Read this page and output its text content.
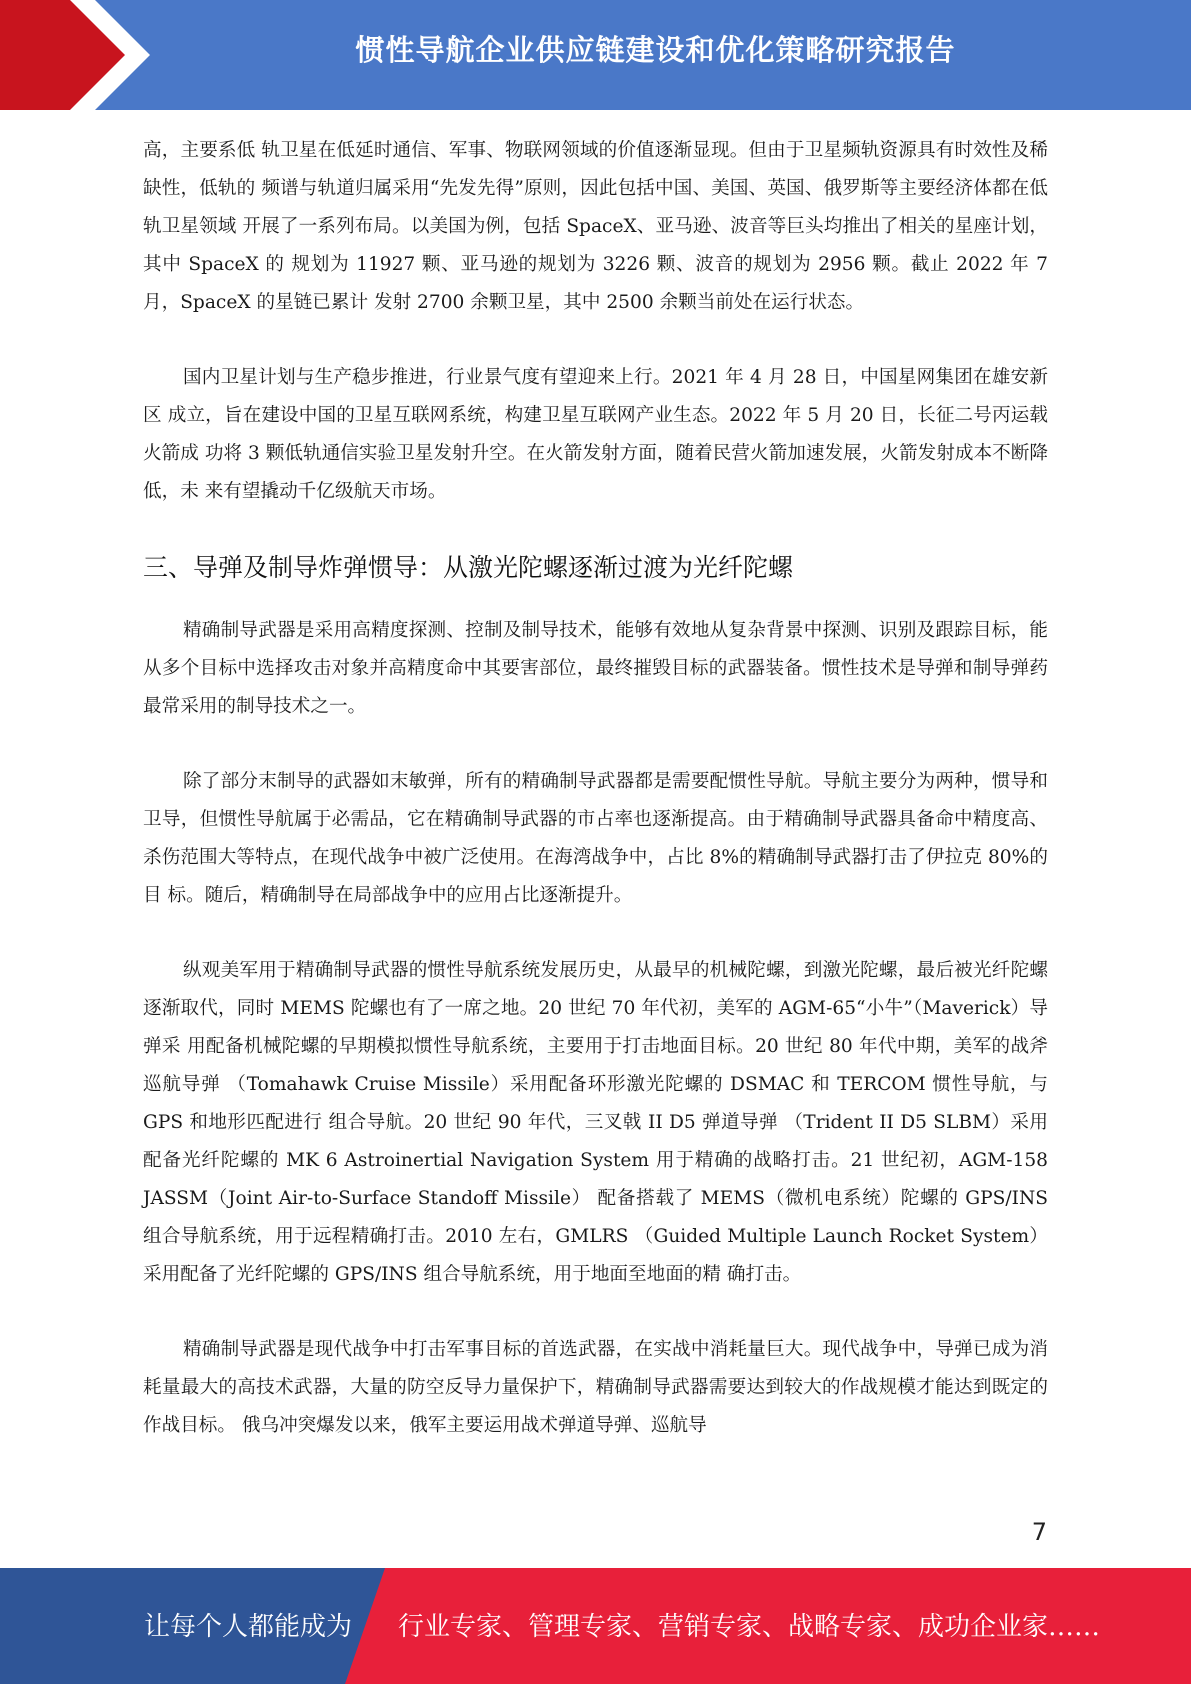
惯性导航企业供应链建设和优化策略研究报告

高，主要系低 轨卫星在低延时通信、军事、物联网领域的价值逐渐显现。但由于卫星频轨资源具有时效性及稀缺性，低轨的 频谱与轨道归属采用“先发先得”原则，因此包括中国、美国、英国、俄罗斯等主要经济体都在低轨卫星领域 开展了一系列布局。以美国为例，包括 SpaceX、亚马逊、波音等巨头均推出了相关的星座计划，其中 SpaceX 的 规划为 11927 颗、亚马逊的规划为 3226 颗、波音的规划为 2956 颗。截止 2022 年 7 月，SpaceX 的星链已累计 发射 2700 余颗卫星，其中 2500 余颗当前处在运行状态。

国内卫星计划与生产稳步推进，行业景气度有望迎来上行。2021 年 4 月 28 日，中国星网集团在雄安新区 成立，旨在建设中国的卫星互联网系统，构建卫星互联网产业生态。2022 年 5 月 20 日，长征二号丙运载火箭成 功将 3 颗低轨通信实验卫星发射升空。在火箭发射方面，随着民营火箭加速发展，火箭发射成本不断降低，未 来有望撬动千亿级航天市场。

三、导弹及制导炸弹惯导：从激光陀螺逐渐过渡为光纤陀螺

精确制导武器是采用高精度探测、控制及制导技术，能够有效地从复杂背景中探测、识别及跟踪目标，能 从多个目标中选择攻击对象并高精度命中其要害部位，最终摧毁目标的武器装备。惯性技术是导弹和制导弹药 最常采用的制导技术之一。

除了部分末制导的武器如末敏弹，所有的精确制导武器都是需要配惯性导航。导航主要分为两种，惯导和 卫导，但惯性导航属于必需品，它在精确制导武器的市占率也逐渐提高。由于精确制导武器具备命中精度高、 杀伤范围大等特点，在现代战争中被广泛使用。在海湾战争中，占比 8%的精确制导武器打击了伊拉克 80%的目 标。随后，精确制导在局部战争中的应用占比逐渐提升。

纵观美军用于精确制导武器的惯性导航系统发展历史，从最早的机械陀螺，到激光陀螺，最后被光纤陀螺 逐渐取代，同时 MEMS 陀螺也有了一席之地。20 世纪 70 年代初，美军的 AGM-65“小牛”（Maverick）导弹采 用配备机械陀螺的早期模拟惯性导航系统，主要用于打击地面目标。20 世纪 80 年代中期，美军的战斧巡航导弹 （Tomahawk Cruise Missile）采用配备环形激光陀螺的 DSMAC 和 TERCOM 惯性导航，与 GPS 和地形匹配进行 组合导航。20 世纪 90 年代，三叉戟 II D5 弹道导弹 （Trident II D5 SLBM）采用配备光纤陀螺的 MK 6 Astroinertial Navigation System 用于精确的战略打击。21 世纪初，AGM-158 JASSM（Joint Air-to-Surface Standoff Missile） 配备搭载了 MEMS（微机电系统）陀螺的 GPS/INS 组合导航系统，用于远程精确打击。2010 左右，GMLRS （Guided Multiple Launch Rocket System）采用配备了光纤陀螺的 GPS/INS 组合导航系统，用于地面至地面的精 确打击。

精确制导武器是现代战争中打击军事目标的首选武器，在实战中消耗量巨大。现代战争中，导弹已成为消 耗量最大的高技术武器，大量的防空反导力量保护下，精确制导武器需要达到较大的作战规模才能达到既定的 作战目标。 俄乌冲突爆发以来，俄军主要运用战术弹道导弹、巡航导

7
让每个人都能成为 行业专家、管理专家、营销专家、战略专家、成功企业家……
